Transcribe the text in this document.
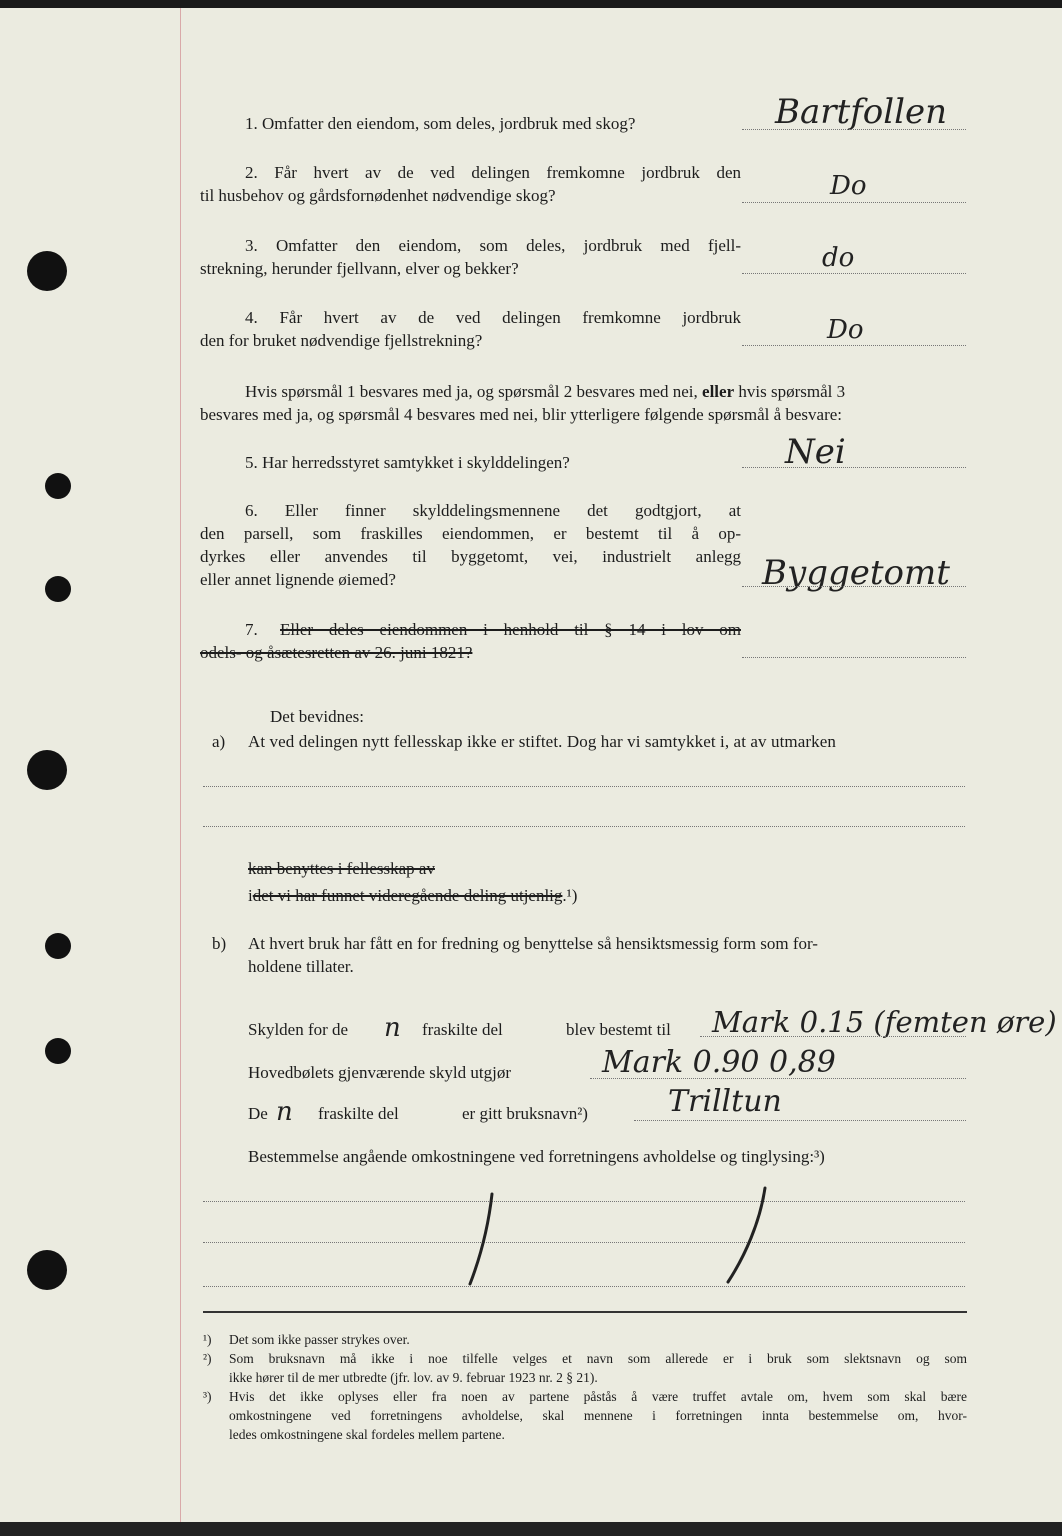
1. Omfatter den eiendom, som deles, jordbruk med skog?	Bartfollen
2. Får hvert av de ved delingen fremkomne jordbruk den
til husbehov og gårdsfornødenhet nødvendige skog?	Do
3. Omfatter den eiendom, som deles, jordbruk med fjell-
strekning, herunder fjellvann, elver og bekker?	do
4. Får hvert av de ved delingen fremkomne jordbruk
den for bruket nødvendige fjellstrekning?	Do
Hvis spørsmål 1 besvares med ja, og spørsmål 2 besvares med nei, eller hvis spørsmål 3
besvares med ja, og spørsmål 4 besvares med nei, blir ytterligere følgende spørsmål å besvare:
5. Har herredsstyret samtykket i skylddelingen?	Nei
6. Eller finner skylddelingsmennene det godtgjort, at
den parsell, som fraskilles eiendommen, er bestemt til å op-
dyrkes eller anvendes til byggetomt, vei, industrielt anlegg
eller annet lignende øiemed?	Byggetomt
7. Eller deles eiendommen i henhold til § 14 i lov om
odels- og åsætesretten av 26. juni 1821?
Det bevidnes:
a) At ved delingen nytt fellesskap ikke er stiftet. Dog har vi samtykket i, at av utmarken
kan benyttes i fellesskap av
idet vi har funnet videregående deling utjenlig.¹)
b) At hvert bruk har fått en for fredning og benyttelse så hensiktsmessig form som for-
holdene tillater.
Skylden for de n fraskilte del	blev bestemt til Mark 0.15 (femten øre)
Hovedbølets gjenværende skyld utgjør	Mark 0.90 0,89
De n fraskilte del	er gitt bruksnavn²)	Trilltun
Bestemmelse angående omkostningene ved forretningens avholdelse og tinglysing:³)
¹) Det som ikke passer strykes over.
²) Som bruksnavn må ikke i noe tilfelle velges et navn som allerede er i bruk som slektsnavn og som
ikke hører til de mer utbredte (jfr. lov. av 9. februar 1923 nr. 2 § 21).
³) Hvis det ikke oplyses eller fra noen av partene påstås å være truffet avtale om, hvem som skal bære
omkostningene ved forretningens avholdelse, skal mennene i forretningen innta bestemmelse om, hvor-
ledes omkostningene skal fordeles mellem partene.
